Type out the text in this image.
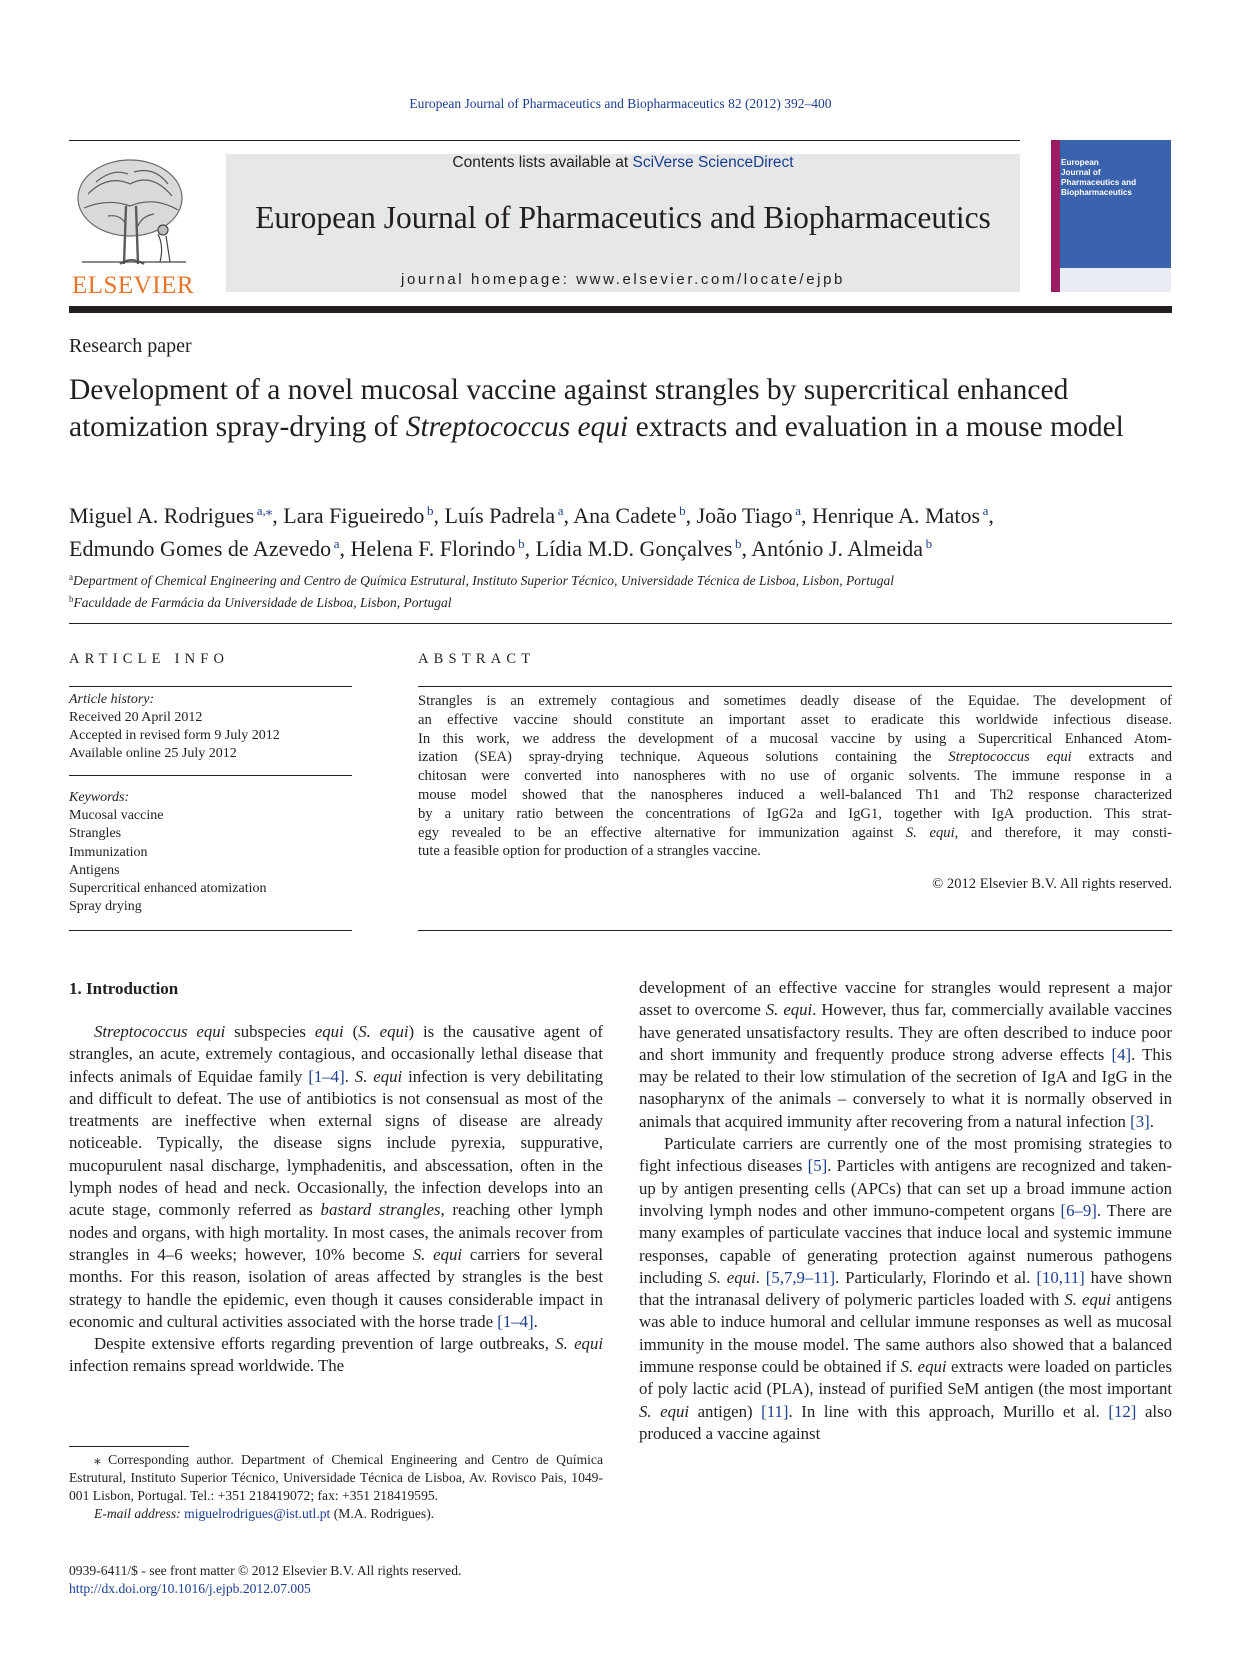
European Journal of Pharmaceutics and Biopharmaceutics 82 (2012) 392–400
ELSEVIER
Contents lists available at SciVerse ScienceDirect
European Journal of Pharmaceutics and Biopharmaceutics
journal homepage: www.elsevier.com/locate/ejpb
European
Journal of
Pharmaceutics and
Biopharmaceutics
Research paper
Development of a novel mucosal vaccine against strangles by supercritical enhanced atomization spray-drying of Streptococcus equi extracts and evaluation in a mouse model
Miguel A. Rodrigues $^{a,⁎}$, Lara Figueiredo $^b$, Luís Padrela $^a$, Ana Cadete $^b$, João Tiago $^a$, Henrique A. Matos $^a$,
Edmundo Gomes de Azevedo $^a$, Helena F. Florindo $^b$, Lídia M.D. Gonçalves $^b$, António J. Almeida $^b$
$^a$Department of Chemical Engineering and Centro de Química Estrutural, Instituto Superior Técnico, Universidade Técnica de Lisboa, Lisbon, Portugal
$^b$Faculdade de Farmácia da Universidade de Lisboa, Lisbon, Portugal
ARTICLE INFO	ABSTRACT
Article history:
Received 20 April 2012
Accepted in revised form 9 July 2012
Available online 25 July 2012
Keywords:
Mucosal vaccine
Strangles
Immunization
Antigens
Supercritical enhanced atomization
Spray drying
Strangles is an extremely contagious and sometimes deadly disease of the Equidae. The development of
an effective vaccine should constitute an important asset to eradicate this worldwide infectious disease.
In this work, we address the development of a mucosal vaccine by using a Supercritical Enhanced Atom-
ization (SEA) spray-drying technique. Aqueous solutions containing the Streptococcus equi extracts and
chitosan were converted into nanospheres with no use of organic solvents. The immune response in a
mouse model showed that the nanospheres induced a well-balanced Th1 and Th2 response characterized
by a unitary ratio between the concentrations of IgG2a and IgG1, together with IgA production. This strat-
egy revealed to be an effective alternative for immunization against S. equi, and therefore, it may consti-
tute a feasible option for production of a strangles vaccine.
© 2012 Elsevier B.V. All rights reserved.
1. Introduction

Streptococcus equi subspecies equi (S. equi) is the causative agent of strangles, an acute, extremely contagious, and occasionally lethal disease that infects animals of Equidae family [1–4]. S. equi infection is very debilitating and difficult to defeat. The use of antibiotics is not consensual as most of the treatments are ineffective when external signs of disease are already noticeable. Typically, the disease signs include pyrexia, suppurative, mucopurulent nasal discharge, lymphadenitis, and abscessation, often in the lymph nodes of head and neck. Occasionally, the infection develops into an acute stage, commonly referred as bastard strangles, reaching other lymph nodes and organs, with high mortality. In most cases, the animals recover from strangles in 4–6 weeks; however, 10% become S. equi carriers for several months. For this reason, isolation of areas affected by strangles is the best strategy to handle the epidemic, even though it causes considerable impact in economic and cultural activities associated with the horse trade [1–4].

Despite extensive efforts regarding prevention of large outbreaks, S. equi infection remains spread worldwide. The

development of an effective vaccine for strangles would represent a major asset to overcome S. equi. However, thus far, commercially available vaccines have generated unsatisfactory results. They are often described to induce poor and short immunity and frequently produce strong adverse effects [4]. This may be related to their low stimulation of the secretion of IgA and IgG in the nasopharynx of the animals – conversely to what it is normally observed in animals that acquired immunity after recovering from a natural infection [3].

Particulate carriers are currently one of the most promising strategies to fight infectious diseases [5]. Particles with antigens are recognized and taken-up by antigen presenting cells (APCs) that can set up a broad immune action involving lymph nodes and other immuno-competent organs [6–9]. There are many examples of particulate vaccines that induce local and systemic immune responses, capable of generating protection against numerous pathogens including S. equi. [5,7,9–11]. Particularly, Florindo et al. [10,11] have shown that the intranasal delivery of polymeric particles loaded with S. equi antigens was able to induce humoral and cellular immune responses as well as mucosal immunity in the mouse model. The same authors also showed that a balanced immune response could be obtained if S. equi extracts were loaded on particles of poly lactic acid (PLA), instead of purified SeM antigen (the most important S. equi antigen) [11]. In line with this approach, Murillo et al. [12] also produced a vaccine against

⁎ Corresponding author. Department of Chemical Engineering and Centro de Química Estrutural, Instituto Superior Técnico, Universidade Técnica de Lisboa, Av. Rovisco Pais, 1049-001 Lisbon, Portugal. Tel.: +351 218419072; fax: +351 218419595.

E-mail address: miguelrodrigues@ist.utl.pt (M.A. Rodrigues).

0939-6411/$ - see front matter © 2012 Elsevier B.V. All rights reserved.
http://dx.doi.org/10.1016/j.ejpb.2012.07.005
